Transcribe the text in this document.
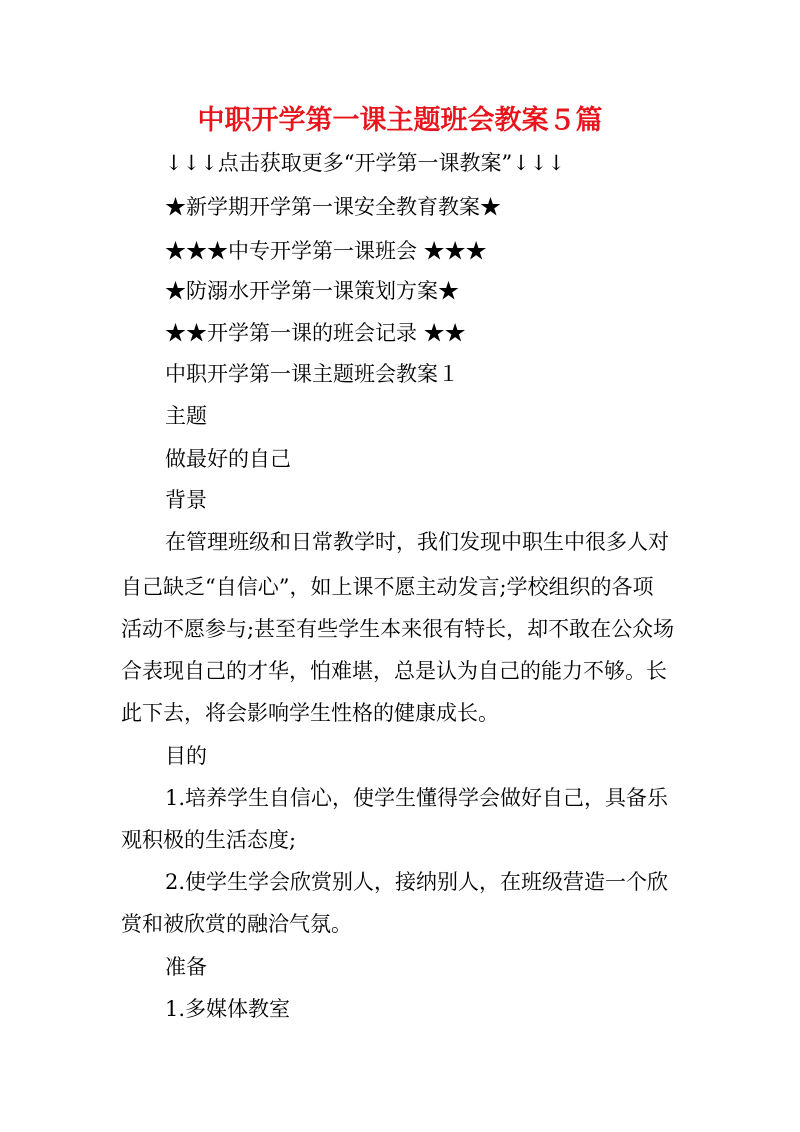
中职开学第一课主题班会教案５篇
↓↓↓点击获取更多“开学第一课教案”↓↓↓
★新学期开学第一课安全教育教案★
★★★中专开学第一课班会 ★★★
★防溺水开学第一课策划方案★
★★开学第一课的班会记录 ★★
中职开学第一课主题班会教案１
主题
做最好的自己
背景
在管理班级和日常教学时，我们发现中职生中很多人对
自己缺乏“自信心”，如上课不愿主动发言;学校组织的各项
活动不愿参与;甚至有些学生本来很有特长，却不敢在公众场
合表现自己的才华，怕难堪，总是认为自己的能力不够。长
此下去，将会影响学生性格的健康成长。
目的
1.培养学生自信心，使学生懂得学会做好自己，具备乐
观积极的生活态度;
2.使学生学会欣赏别人，接纳别人，在班级营造一个欣
赏和被欣赏的融洽气氛。
准备
1.多媒体教室
